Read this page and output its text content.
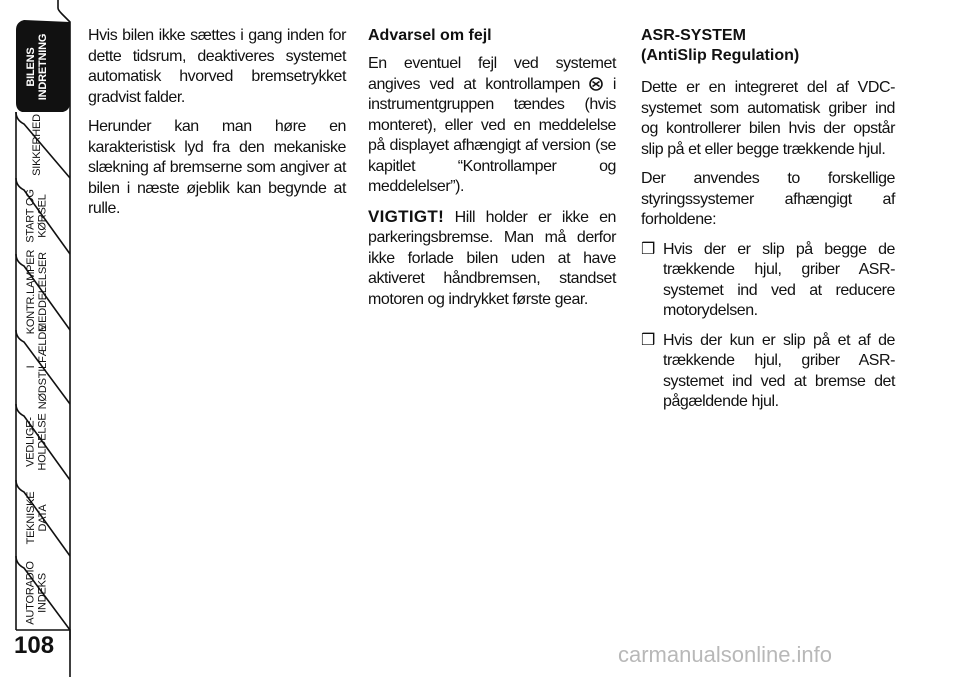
BILENS
INDRETNING
SIKKERHED
START OG
KØRSEL
KONTR.LAMPER
MEDDELELSER
I NØDSTILFÆLDE
VEDLIGE-
HOLDELSE
TEKNISKE DATA
AUTORADIO
INDEKS
108

Hvis bilen ikke sættes i gang inden for dette tidsrum, deaktiveres systemet automatisk hvorved bremsetrykket gradvist falder.

Herunder kan man høre en karakteristisk lyd fra den mekaniske slækning af bremserne som angiver at bilen i næste øjeblik kan begynde at rulle.

Advarsel om fejl

En eventuel fejl ved systemet angives ved at kontrollampen  i instrumentgruppen tændes (hvis monteret), eller ved en meddelelse på displayet afhængigt af version (se kapitlet “Kontrollamper og meddelelser”).

VIGTIGT! Hill holder er ikke en parkeringsbremse. Man må derfor ikke forlade bilen uden at have aktiveret håndbremsen, standset motoren og indrykket første gear.

ASR-SYSTEM
(AntiSlip Regulation)

Dette er en integreret del af VDC-systemet som automatisk griber ind og kontrollerer bilen hvis der opstår slip på et eller begge trækkende hjul.

Der anvendes to forskellige styringssystemer afhængigt af forholdene:

❒ Hvis der er slip på begge de trækkende hjul, griber ASR-systemet ind ved at reducere motorydelsen.
❒ Hvis der kun er slip på et af de trækkende hjul, griber ASR-systemet ind ved at bremse det pågældende hjul.
carmanualsonline.info
